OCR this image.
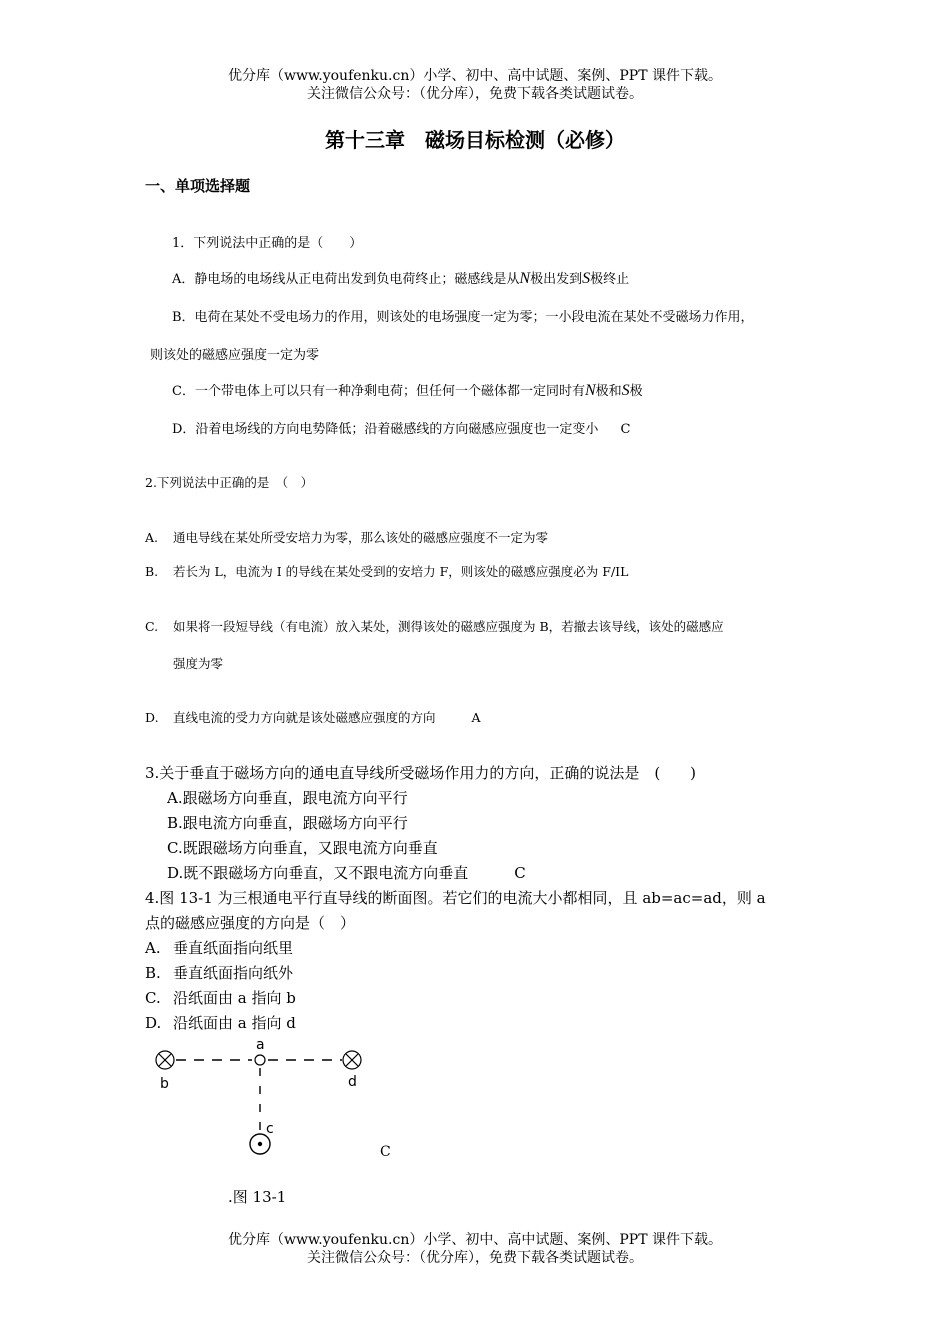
优分库（www.youfenku.cn）小学、初中、高中试题、案例、PPT 课件下载。
关注微信公众号：（优分库），免费下载各类试题试卷。
第十三章　磁场目标检测（必修）
一、单项选择题
1．下列说法中正确的是（　　）
A．静电场的电场线从正电荷出发到负电荷终止；磁感线是从N极出发到S极终止
B．电荷在某处不受电场力的作用，则该处的电场强度一定为零；一小段电流在某处不受磁场力作用，
则该处的磁感应强度一定为零
C．一个带电体上可以只有一种净剩电荷；但任何一个磁体都一定同时有N极和S极
D．沿着电场线的方向电势降低；沿着磁感线的方向磁感应强度也一定变小 C
2.下列说法中正确的是　（　）
A. 通电导线在某处所受安培力为零，那么该处的磁感应强度不一定为零
B. 若长为 L，电流为 I 的导线在某处受到的安培力 F，则该处的磁感应强度必为 F/IL
C. 如果将一段短导线（有电流）放入某处，测得该处的磁感应强度为 B，若撤去该导线，该处的磁感应
强度为零
D. 直线电流的受力方向就是该处磁感应强度的方向	A
3.关于垂直于磁场方向的通电直导线所受磁场作用力的方向，正确的说法是　(　　)
A.跟磁场方向垂直，跟电流方向平行
B.跟电流方向垂直，跟磁场方向平行
C.既跟磁场方向垂直，又跟电流方向垂直
D.既不跟磁场方向垂直，又不跟电流方向垂直	C
4.图 13-1 为三根通电平行直导线的断面图。若它们的电流大小都相同，且 ab=ac=ad，则 a
点的磁感应强度的方向是（　）
A. 垂直纸面指向纸里
B. 垂直纸面指向纸外
C. 沿纸面由 a 指向 b
D. 沿纸面由 a 指向 d
a
b	d
c
C
.图 13-1
优分库（www.youfenku.cn）小学、初中、高中试题、案例、PPT 课件下载。
关注微信公众号：（优分库），免费下载各类试题试卷。
